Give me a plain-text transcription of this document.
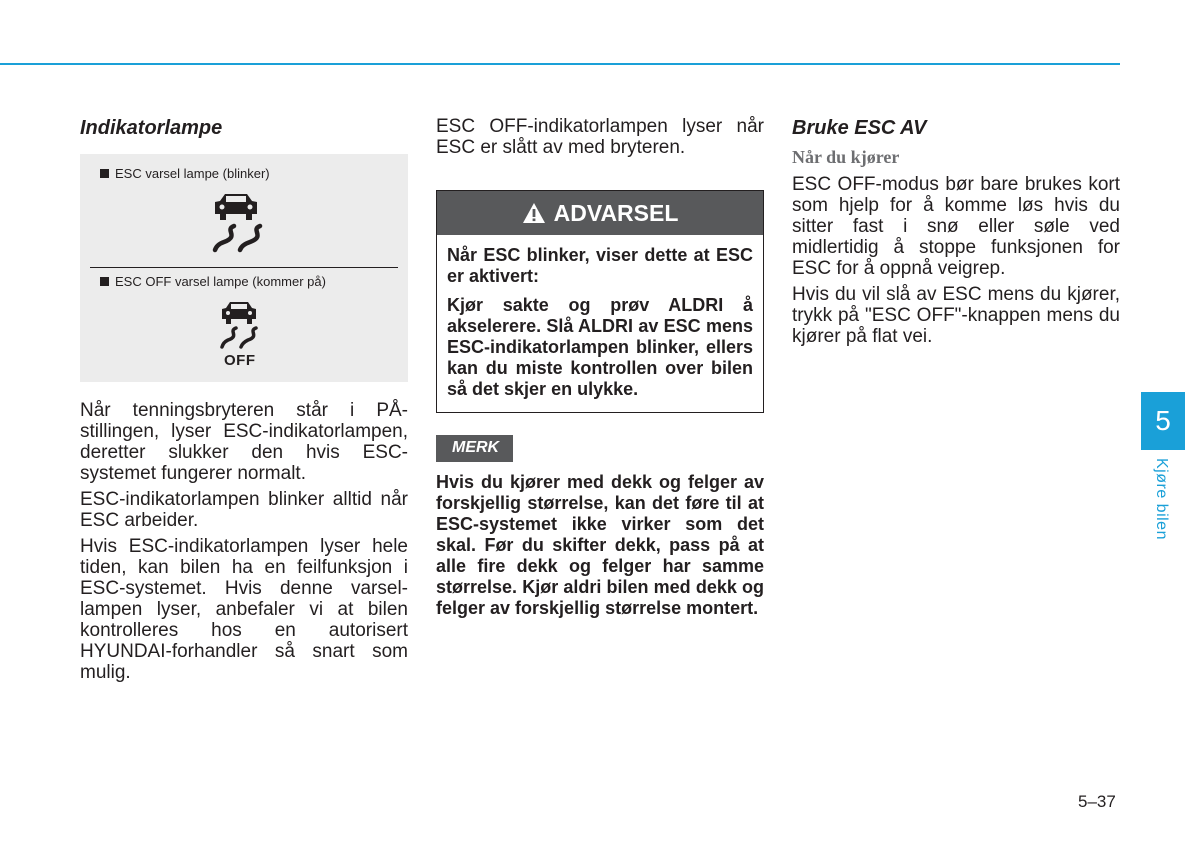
Indikatorlampe
ESC varsel lampe (blinker)
ESC OFF varsel lampe (kommer på)
OFF

Når tenningsbryteren står i PÅ-stillingen, lyser ESC-indikatorlampen, deretter slukker den hvis ESC-systemet fungerer normalt.

ESC-indikatorlampen blinker alltid når ESC arbeider.

Hvis ESC-indikatorlampen lyser hele tiden, kan bilen ha en feilfunksjon i ESC-systemet. Hvis denne varsel-lampen lyser, anbefaler vi at bilen kontrolleres hos en autorisert HYUNDAI-forhandler så snart som mulig.

ESC OFF-indikatorlampen lyser når ESC er slått av med bryteren.

ADVARSEL

Når ESC blinker, viser dette at ESC er aktivert:

Kjør sakte og prøv ALDRI å akselerere. Slå ALDRI av ESC mens ESC-indikatorlampen blinker, ellers kan du miste kontrollen over bilen så det skjer en ulykke.

MERK
Hvis du kjører med dekk og felger av forskjellig størrelse, kan det føre til at ESC-systemet ikke virker som det skal. Før du skifter dekk, pass på at alle fire dekk og felger har samme størrelse. Kjør aldri bilen med dekk og felger av forskjellig størrelse montert.
Bruke ESC AV
Når du kjører

ESC OFF-modus bør bare brukes kort som hjelp for å komme løs hvis du sitter fast i snø eller søle ved midlertidig å stoppe funksjonen for ESC for å oppnå veigrep.

Hvis du vil slå av ESC mens du kjører, trykk på "ESC OFF"-knappen mens du kjører på flat vei.

5
Kjøre bilen
5–37
